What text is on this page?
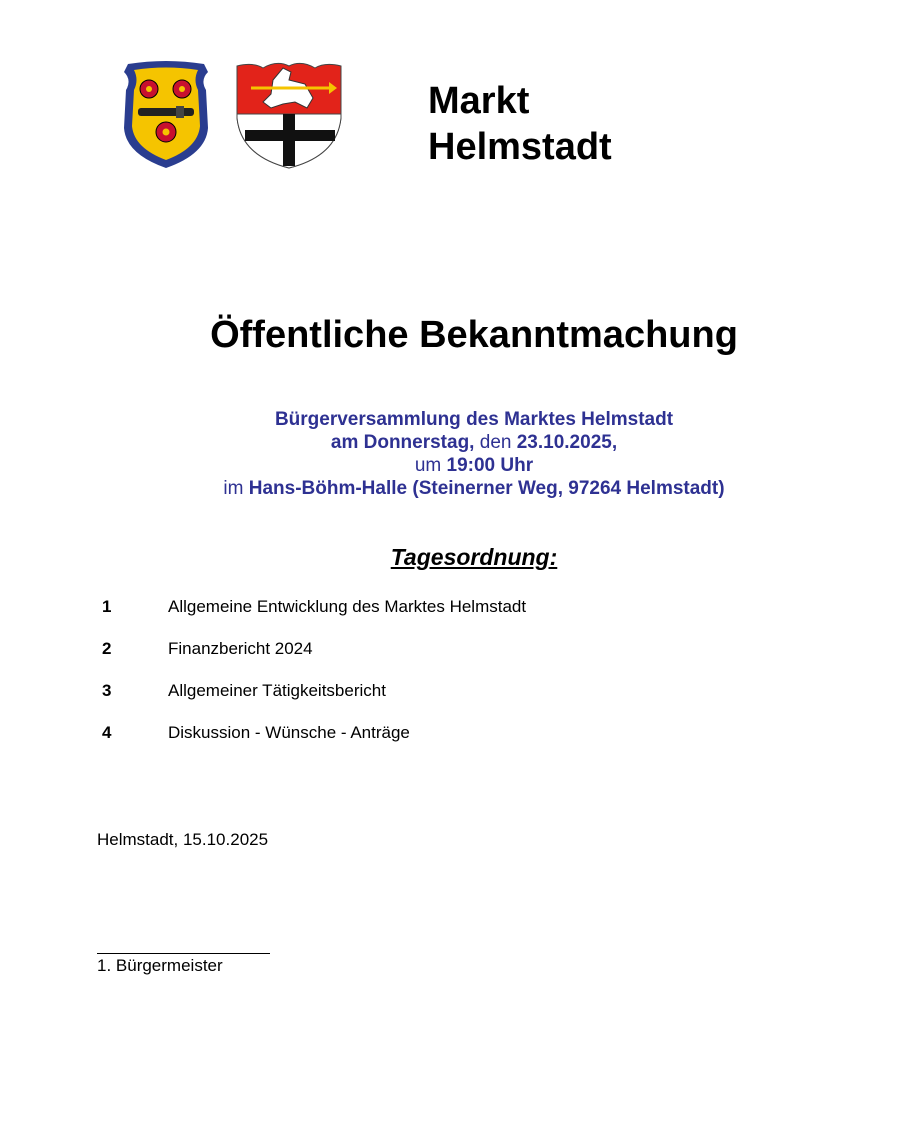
Markt
Helmstadt
Öffentliche Bekanntmachung
Bürgerversammlung des Marktes Helmstadt
am Donnerstag, den 23.10.2025,
um 19:00 Uhr
im Hans-Böhm-Halle (Steinerner Weg, 97264 Helmstadt)
Tagesordnung:
1	Allgemeine Entwicklung des Marktes Helmstadt
2	Finanzbericht 2024
3	Allgemeiner Tätigkeitsbericht
4	Diskussion - Wünsche - Anträge
Helmstadt, 15.10.2025
1. Bürgermeister
